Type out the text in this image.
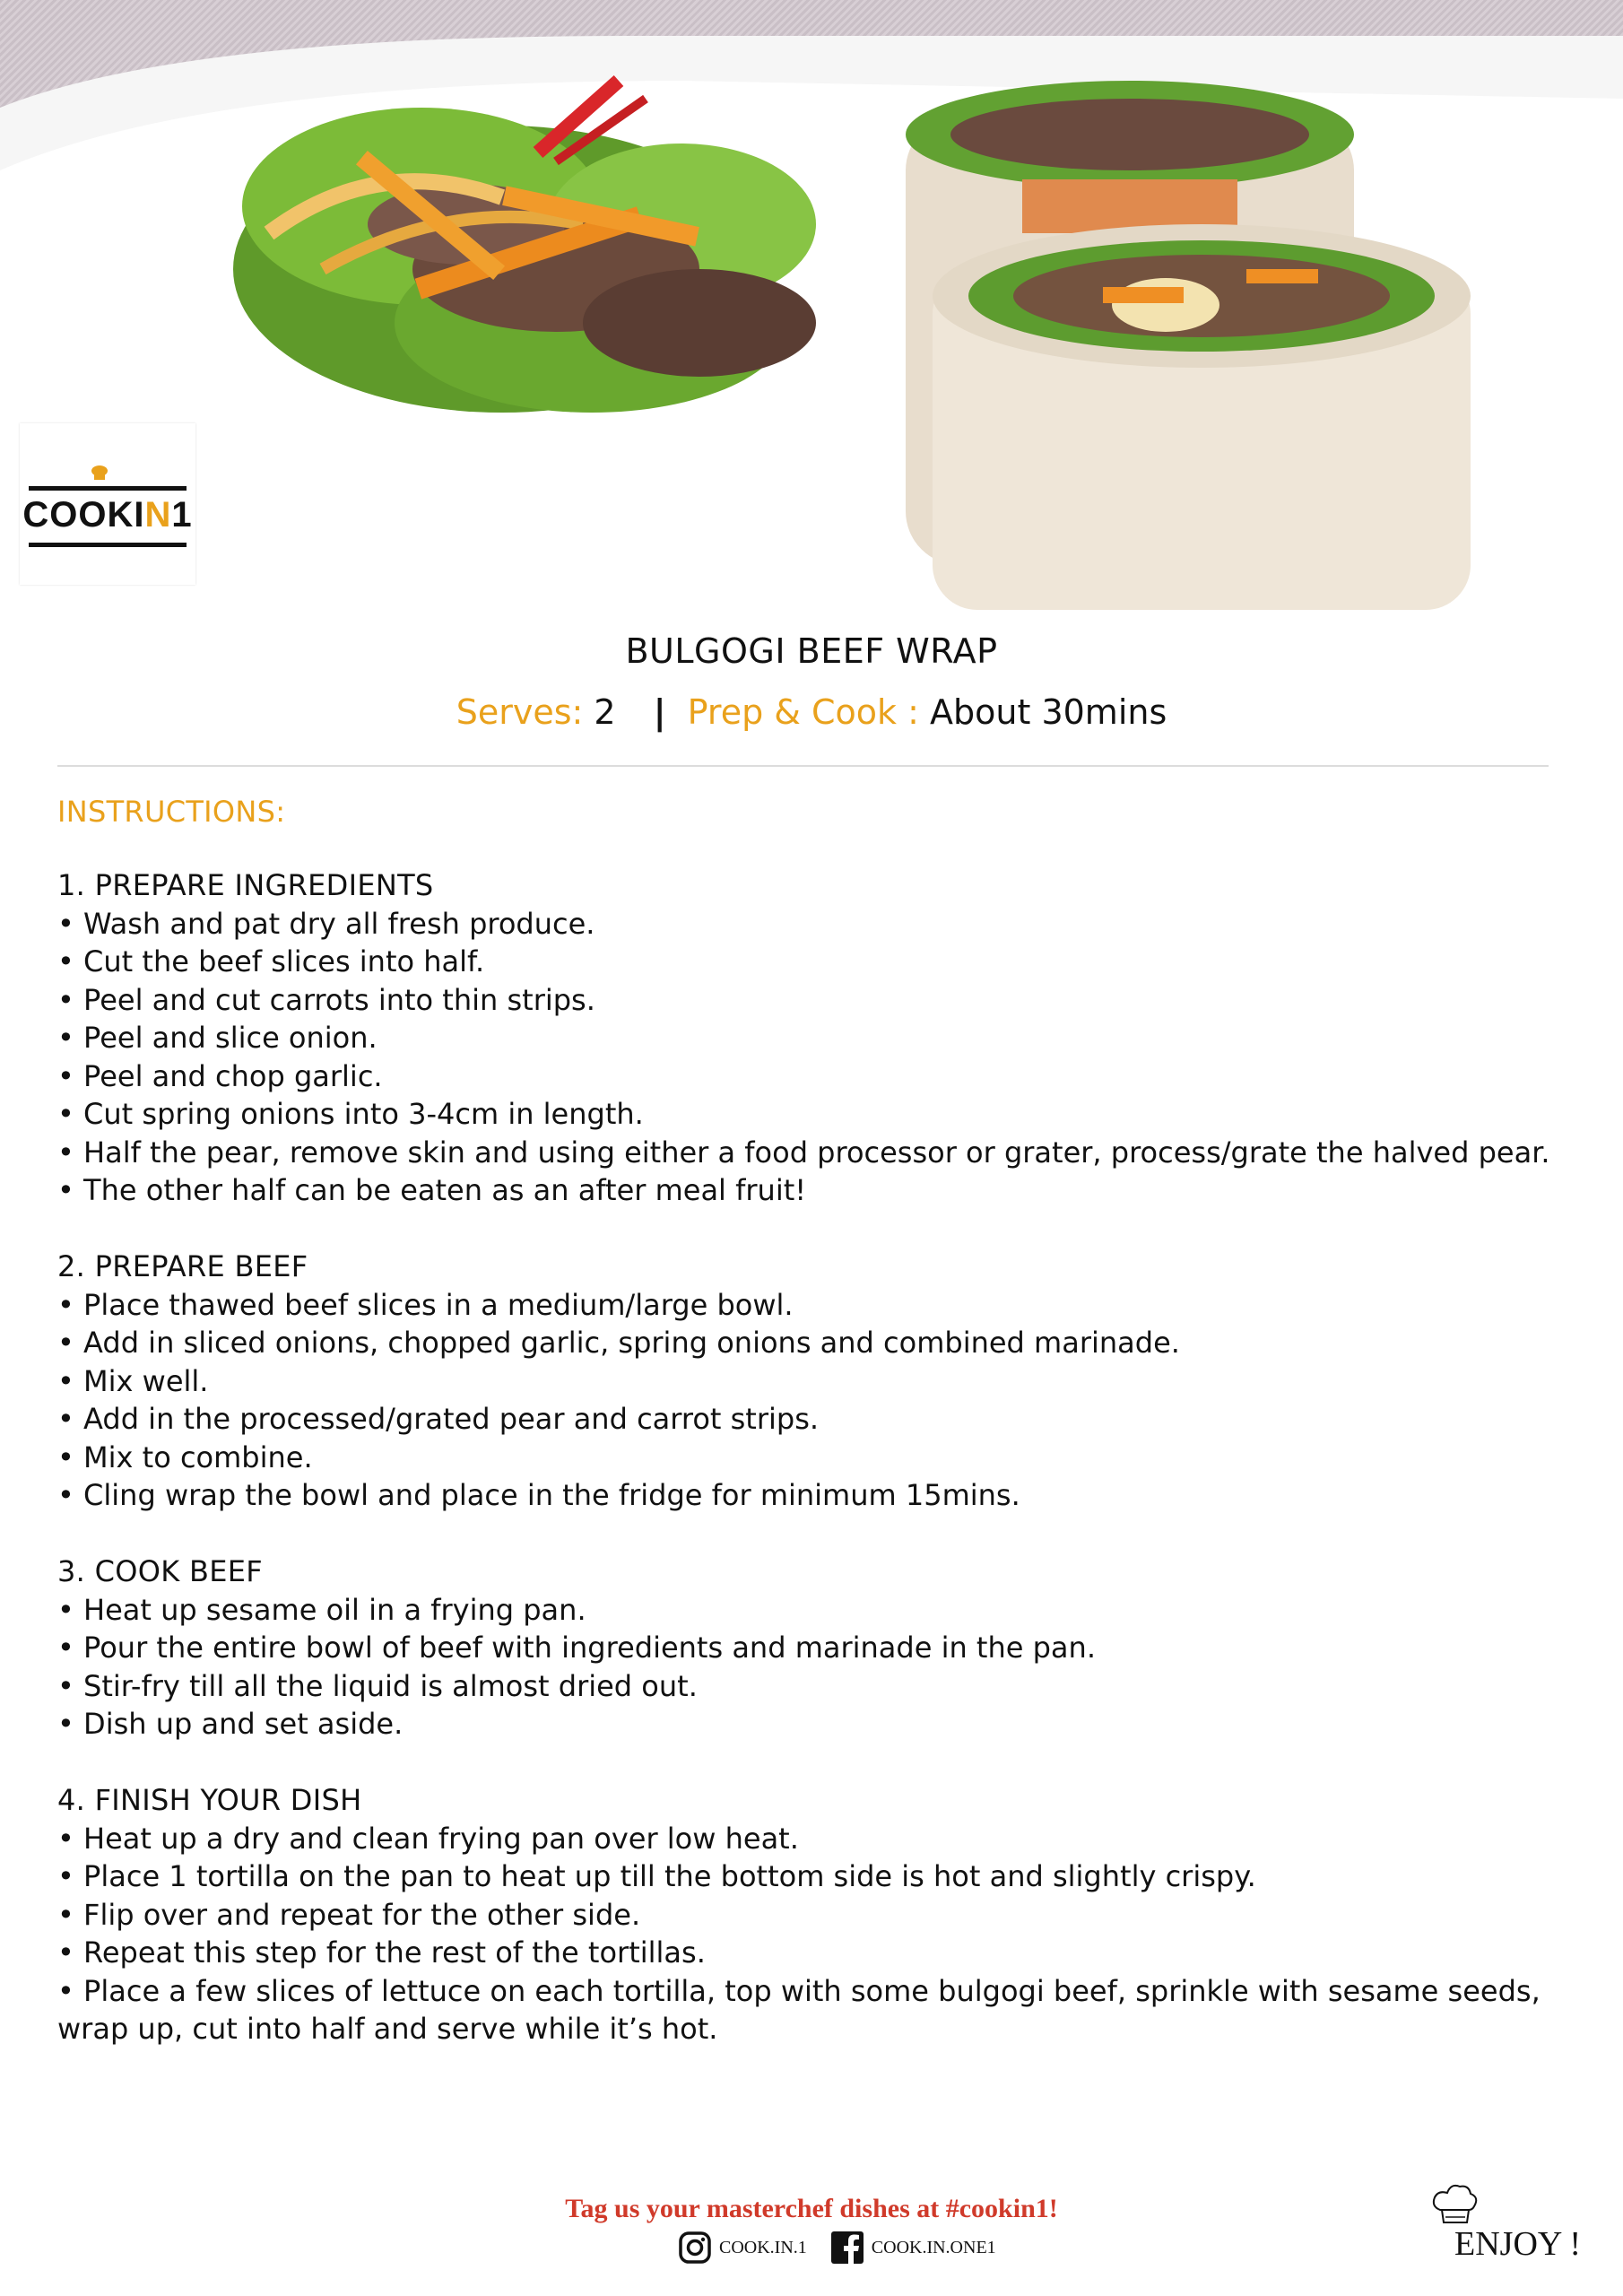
COOKIN1
BULGOGI BEEF WRAP
Serves: 2 | Prep & Cook : About 30mins
INSTRUCTIONS:
1. PREPARE INGREDIENTS

• Wash and pat dry all fresh produce.

• Cut the beef slices into half.

• Peel and cut carrots into thin strips.

• Peel and slice onion.

• Peel and chop garlic.

• Cut spring onions into 3-4cm in length.

• Half the pear, remove skin and using either a food processor or grater, process/grate the halved pear.

• The other half can be eaten as an after meal fruit!

2. PREPARE BEEF

• Place thawed beef slices in a medium/large bowl.

• Add in sliced onions, chopped garlic, spring onions and combined marinade.

• Mix well.

• Add in the processed/grated pear and carrot strips.

• Mix to combine.

• Cling wrap the bowl and place in the fridge for minimum 15mins.

3. COOK BEEF

• Heat up sesame oil in a frying pan.

• Pour the entire bowl of beef with ingredients and marinade in the pan.

• Stir-fry till all the liquid is almost dried out.

• Dish up and set aside.

4. FINISH YOUR DISH

• Heat up a dry and clean frying pan over low heat.

• Place 1 tortilla on the pan to heat up till the bottom side is hot and slightly crispy.

• Flip over and repeat for the other side.

• Repeat this step for the rest of the tortillas.

• Place a few slices of lettuce on each tortilla, top with some bulgogi beef, sprinkle with sesame seeds, wrap up, cut into half and serve while it’s hot.

Tag us your masterchef dishes at #cookin1!
COOK.IN.1	COOK.IN.ONE1	ENJOY !
